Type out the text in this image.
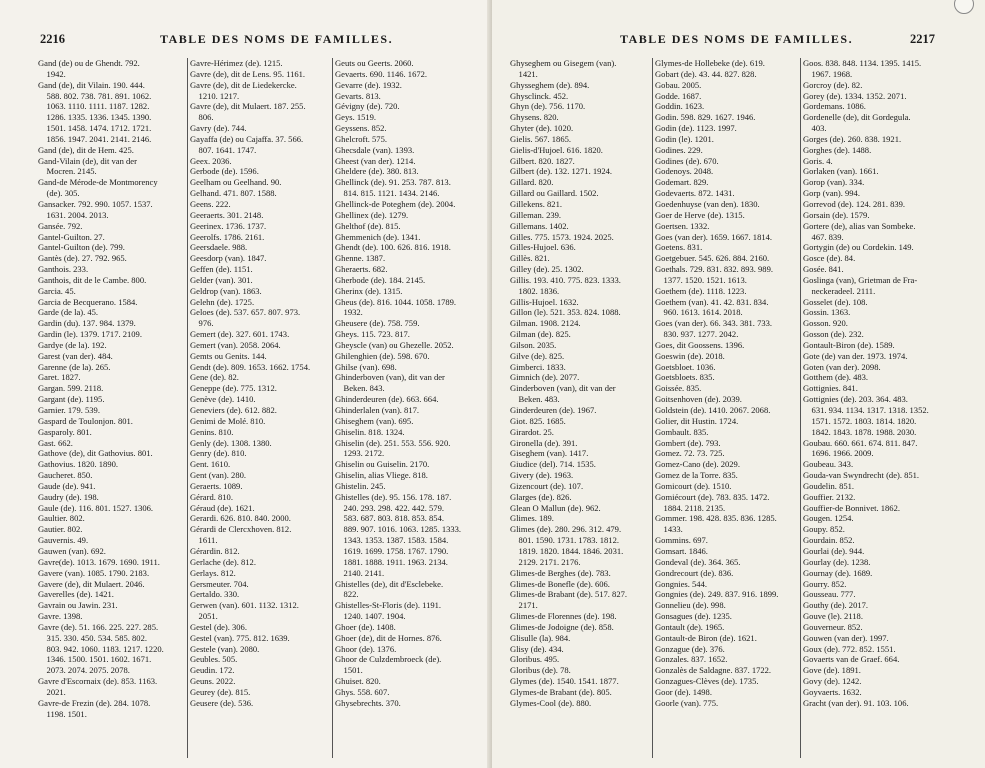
2216	TABLE DES NOMS DE FAMILLES.
Gand (de) ou de Ghendt. 792.
1942.
Gand (de), dit Vilain. 190. 444.
588. 802. 738. 781. 891. 1062.
1063. 1110. 1111. 1187. 1282.
1286. 1335. 1336. 1345. 1390.
1501. 1458. 1474. 1712. 1721.
1856. 1947. 2041. 2141. 2146.
Gand (de), dit de Hem. 425.
Gand-Vilain (de), dit van der
Mocren. 2145.
Gand-de Mérode-de Montmorency
(de). 305.
Gansacker. 792. 990. 1057. 1537.
1631. 2004. 2013.
Gansée. 792.
Gantel-Guilton. 27.
Gantel-Guilton (de). 799.
Gantès (de). 27. 792. 965.
Ganthois. 233.
Ganthois, dit de le Cambe. 800.
Garcia. 45.
Garcia de Becquerano. 1584.
Garde (de la). 45.
Gardin (du). 137. 984. 1379.
Gardin (le). 1379. 1717. 2109.
Gardye (de la). 192.
Garest (van der). 484.
Garenne (de la). 265.
Garet. 1827.
Gargan. 599. 2118.
Gargant (de). 1195.
Garnier. 179. 539.
Gaspard de Toulonjon. 801.
Gasparoly. 801.
Gast. 662.
Gathove (de), dit Gathovius. 801.
Gathovius. 1820. 1890.
Gaucheret. 850.
Gaude (de). 941.
Gaudry (de). 198.
Gaule (de). 116. 801. 1527. 1306.
Gaultier. 802.
Gautier. 802.
Gauvernis. 49.
Gauwen (van). 692.
Gavre(de). 1013. 1679. 1690. 1911.
Gavere (van). 1085. 1790. 2183.
Gavere (de), dit Mulaert. 2046.
Gaverelles (de). 1421.
Gavrain ou Jawin. 231.
Gavre. 1398.
Gavre (de). 51. 166. 225. 227. 285.
315. 330. 450. 534. 585. 802.
803. 942. 1060. 1183. 1217. 1220.
1346. 1500. 1501. 1602. 1671.
2073. 2074. 2075. 2078.
Gavre d'Escornaix (de). 853. 1163.
2021.
Gavre-de Frezin (de). 284. 1078.
1198. 1501.
Gavre-Hérimez (de). 1215.
Gavre (de), dit de Lens. 95. 1161.
Gavre (de), dit de Liedekercke.
1210. 1217.
Gavre (de), dit Mulaert. 187. 255.
806.
Gavry (de). 744.
Gayaffa (de) ou Cajaffa. 37. 566.
807. 1641. 1747.
Geex. 2036.
Gerbode (de). 1596.
Geelham ou Geelhand. 90.
Gelhand. 471. 807. 1588.
Geens. 222.
Geeraerts. 301. 2148.
Geerinex. 1736. 1737.
Geerolfs. 1786. 2161.
Geersdaele. 988.
Geesdorp (van). 1847.
Geffen (de). 1151.
Gelder (van). 301.
Geldrop (van). 1863.
Gelehn (de). 1725.
Geloes (de). 537. 657. 807. 973.
976.
Gemert (de). 327. 601. 1743.
Gemert (van). 2058. 2064.
Gemts ou Genits. 144.
Gendt (de). 809. 1653. 1662. 1754.
Gene (de). 82.
Geneppe (de). 775. 1312.
Genève (de). 1410.
Geneviers (de). 612. 882.
Genimi de Molé. 810.
Genins. 810.
Genly (de). 1308. 1380.
Genry (de). 810.
Gent. 1610.
Gent (van). 280.
Geraerts. 1089.
Gérard. 810.
Géraud (de). 1621.
Gerardi. 626. 810. 840. 2000.
Gérardi de Clercxhoven. 812.
1611.
Gérardin. 812.
Gerlache (de). 812.
Gerlays. 812.
Gersmeuter. 704.
Gertaldo. 330.
Gerwen (van). 601. 1132. 1312.
2051.
Gestel (de). 306.
Gestel (van). 775. 812. 1639.
Gestele (van). 2080.
Geubles. 505.
Geudin. 172.
Geuns. 2022.
Geurey (de). 815.
Geusere (de). 536.
Geuts ou Geerts. 2060.
Gevaerts. 690. 1146. 1672.
Gevarre (de). 1932.
Gevarts. 813.
Gévigny (de). 720.
Geys. 1519.
Geyssens. 852.
Ghelcroft. 575.
Ghecsdale (van). 1393.
Gheest (van der). 1214.
Gheldere (de). 380. 813.
Ghellinck (de). 91. 253. 787. 813.
814. 815. 1121. 1434. 2146.
Ghellinck-de Poteghem (de). 2004.
Ghellinex (de). 1279.
Ghelthof (de). 815.
Ghemmenich (de). 1341.
Ghendt (de). 100. 626. 816. 1918.
Ghenne. 1387.
Gheraerts. 682.
Gherbode (de). 184. 2145.
Gherinx (de). 1315.
Gheus (de). 816. 1044. 1058. 1789.
1932.
Gheusere (de). 758. 759.
Gheys. 115. 723. 817.
Gheyscle (van) ou Ghezelle. 2052.
Ghilenghien (de). 598. 670.
Ghilse (van). 698.
Ghinderboven (van), dit van der
Beken. 843.
Ghinderdeuren (de). 663. 664.
Ghinderlalen (van). 817.
Ghiseghem (van). 695.
Ghiselin. 818. 1324.
Ghiselin (de). 251. 553. 556. 920.
1293. 2172.
Ghiselin ou Guiselin. 2170.
Ghiselin, alias Vliege. 818.
Ghistelin. 245.
Ghistelles (de). 95. 156. 178. 187.
240. 293. 298. 422. 442. 579.
583. 687. 803. 818. 853. 854.
889. 907. 1016. 1063. 1285. 1333.
1343. 1353. 1387. 1583. 1584.
1619. 1699. 1758. 1767. 1790.
1881. 1888. 1911. 1963. 2134.
2140. 2141.
Ghistelles (de), dit d'Esclebeke.
822.
Ghistelles-St-Floris (de). 1191.
1240. 1407. 1904.
Ghoer (de). 1408.
Ghoer (de), dit de Hornes. 876.
Ghoor (de). 1376.
Ghoor de Culzdembroeck (de).
1501.
Ghuiset. 820.
Ghys. 558. 607.
Ghysebrechts. 370.
TABLE DES NOMS DE FAMILLES.	2217
Ghyseghem ou Gisegem (van).
1421.
Ghysseghem (de). 894.
Ghysclinck. 452.
Ghyn (de). 756. 1170.
Ghysens. 820.
Ghyter (de). 1020.
Gielis. 567. 1865.
Gielis-d'Hujoel. 616. 1820.
Gilbert. 820. 1827.
Gilbert (de). 132. 1271. 1924.
Gillard. 820.
Gillard ou Gaillard. 1502.
Gillekens. 821.
Gilleman. 239.
Gillemans. 1402.
Gilles. 775. 1573. 1924. 2025.
Gilles-Hujoel. 636.
Gillès. 821.
Gilley (de). 25. 1302.
Gillis. 193. 410. 775. 823. 1333.
1802. 1836.
Gillis-Hujoel. 1632.
Gillon (le). 521. 353. 824. 1088.
Gilman. 1908. 2124.
Gilman (de). 825.
Gilson. 2035.
Gilve (de). 825.
Gimberci. 1833.
Gimnich (de). 2077.
Ginderboven (van), dit van der
Beken. 483.
Ginderdeuren (de). 1967.
Giot. 825. 1685.
Girardot. 25.
Gironella (de). 391.
Giseghem (van). 1417.
Giudice (del). 714. 1535.
Givery (de). 1963.
Gizencourt (de). 107.
Glarges (de). 826.
Glean O Mallun (de). 962.
Glimes. 189.
Glimes (de). 280. 296. 312. 479.
801. 1590. 1731. 1783. 1812.
1819. 1820. 1844. 1846. 2031.
2129. 2171. 2176.
Glimes-de Berghes (de). 783.
Glimes-de Bonefle (de). 606.
Glimes-de Brabant (de). 517. 827.
2171.
Glimes-de Florennes (de). 198.
Glimes-de Jodoigne (de). 858.
Glisulle (la). 984.
Glisy (de). 434.
Gloribus. 495.
Gloribus (de). 78.
Glymes (de). 1540. 1541. 1877.
Glymes-de Brabant (de). 805.
Glymes-Cool (de). 880.
Glymes-de Hollebeke (de). 619.
Gobart (de). 43. 44. 827. 828.
Gobau. 2005.
Godde. 1687.
Goddin. 1623.
Godin. 598. 829. 1627. 1946.
Godin (de). 1123. 1997.
Godin (le). 1201.
Godines. 229.
Godines (de). 670.
Godenoys. 2048.
Godemart. 829.
Godevaerts. 872. 1431.
Goedenhuyse (van den). 1830.
Goer de Herve (de). 1315.
Goertsen. 1332.
Goes (van der). 1659. 1667. 1814.
Goetens. 831.
Goetgebuer. 545. 626. 884. 2160.
Goethals. 729. 831. 832. 893. 989.
1377. 1520. 1521. 1613.
Goethem (de). 1118. 1223.
Goethem (van). 41. 42. 831. 834.
960. 1613. 1614. 2018.
Goes (van der). 66. 343. 381. 733.
830. 937. 1277. 2042.
Goes, dit Goossens. 1396.
Goeswin (de). 2018.
Goetsbloet. 1036.
Goetsbloets. 835.
Goissée. 835.
Goitsenhoven (de). 2039.
Goldstein (de). 1410. 2067. 2068.
Golier, dit Hustin. 1724.
Gombault. 835.
Gombert (de). 793.
Gomez. 72. 73. 725.
Gomez-Cano (de). 2029.
Gomez de la Torre. 835.
Gomicourt (de). 1510.
Gomiécourt (de). 783. 835. 1472.
1884. 2118. 2135.
Gommer. 198. 428. 835. 836. 1285.
1433.
Gommins. 697.
Gomsart. 1846.
Gondeval (de). 364. 365.
Gondrecourt (de). 836.
Gongnies. 544.
Gongnies (de). 249. 837. 916. 1899.
Gonnelieu (de). 998.
Gonsagues (de). 1235.
Gontault (de). 1965.
Gontault-de Biron (de). 1621.
Gonzague (de). 376.
Gonzales. 837. 1652.
Gonzalès de Saldagne. 837. 1722.
Gonzagues-Clèves (de). 1735.
Goor (de). 1498.
Goorle (van). 775.
Goos. 838. 848. 1134. 1395. 1415.
1967. 1968.
Gorcroy (de). 82.
Gorey (de). 1334. 1352. 2071.
Gordemans. 1086.
Gordenelle (de), dit Gordegula.
403.
Gorges (de). 260. 838. 1921.
Gorghes (de). 1488.
Goris. 4.
Gorlaken (van). 1661.
Gorop (van). 334.
Gorp (van). 994.
Gorrevod (de). 124. 281. 839.
Gorsain (de). 1579.
Gortere (de), alias van Sombeke.
467. 839.
Gortygin (de) ou Cordekin. 149.
Gosce (de). 84.
Gosée. 841.
Goslinga (van), Grietman de Fra-
neckeradeel. 2111.
Gosselet (de). 108.
Gossin. 1363.
Gosson. 920.
Gosson (de). 232.
Gontault-Biron (de). 1589.
Gote (de) van der. 1973. 1974.
Goten (van der). 2098.
Gotthem (de). 483.
Gottignies. 841.
Gottignies (de). 203. 364. 483.
631. 934. 1134. 1317. 1318. 1352.
1571. 1572. 1803. 1814. 1820.
1842. 1843. 1878. 1988. 2030.
Goubau. 660. 661. 674. 811. 847.
1696. 1966. 2009.
Goubeau. 343.
Gouda-van Swyndrecht (de). 851.
Goudelin. 851.
Gouffier. 2132.
Gouffier-de Bonnivet. 1862.
Gougen. 1254.
Goupy. 852.
Gourdain. 852.
Gourlai (de). 944.
Gourlay (de). 1238.
Gournay (de). 1689.
Gourry. 852.
Gousseau. 777.
Gouthy (de). 2017.
Gouve (le). 2118.
Gouverneur. 852.
Gouwen (van der). 1997.
Goux (de). 772. 852. 1551.
Govaerts van de Graef. 664.
Gove (de). 1891.
Govy (de). 1242.
Goyvaerts. 1632.
Gracht (van der). 91. 103. 106.
